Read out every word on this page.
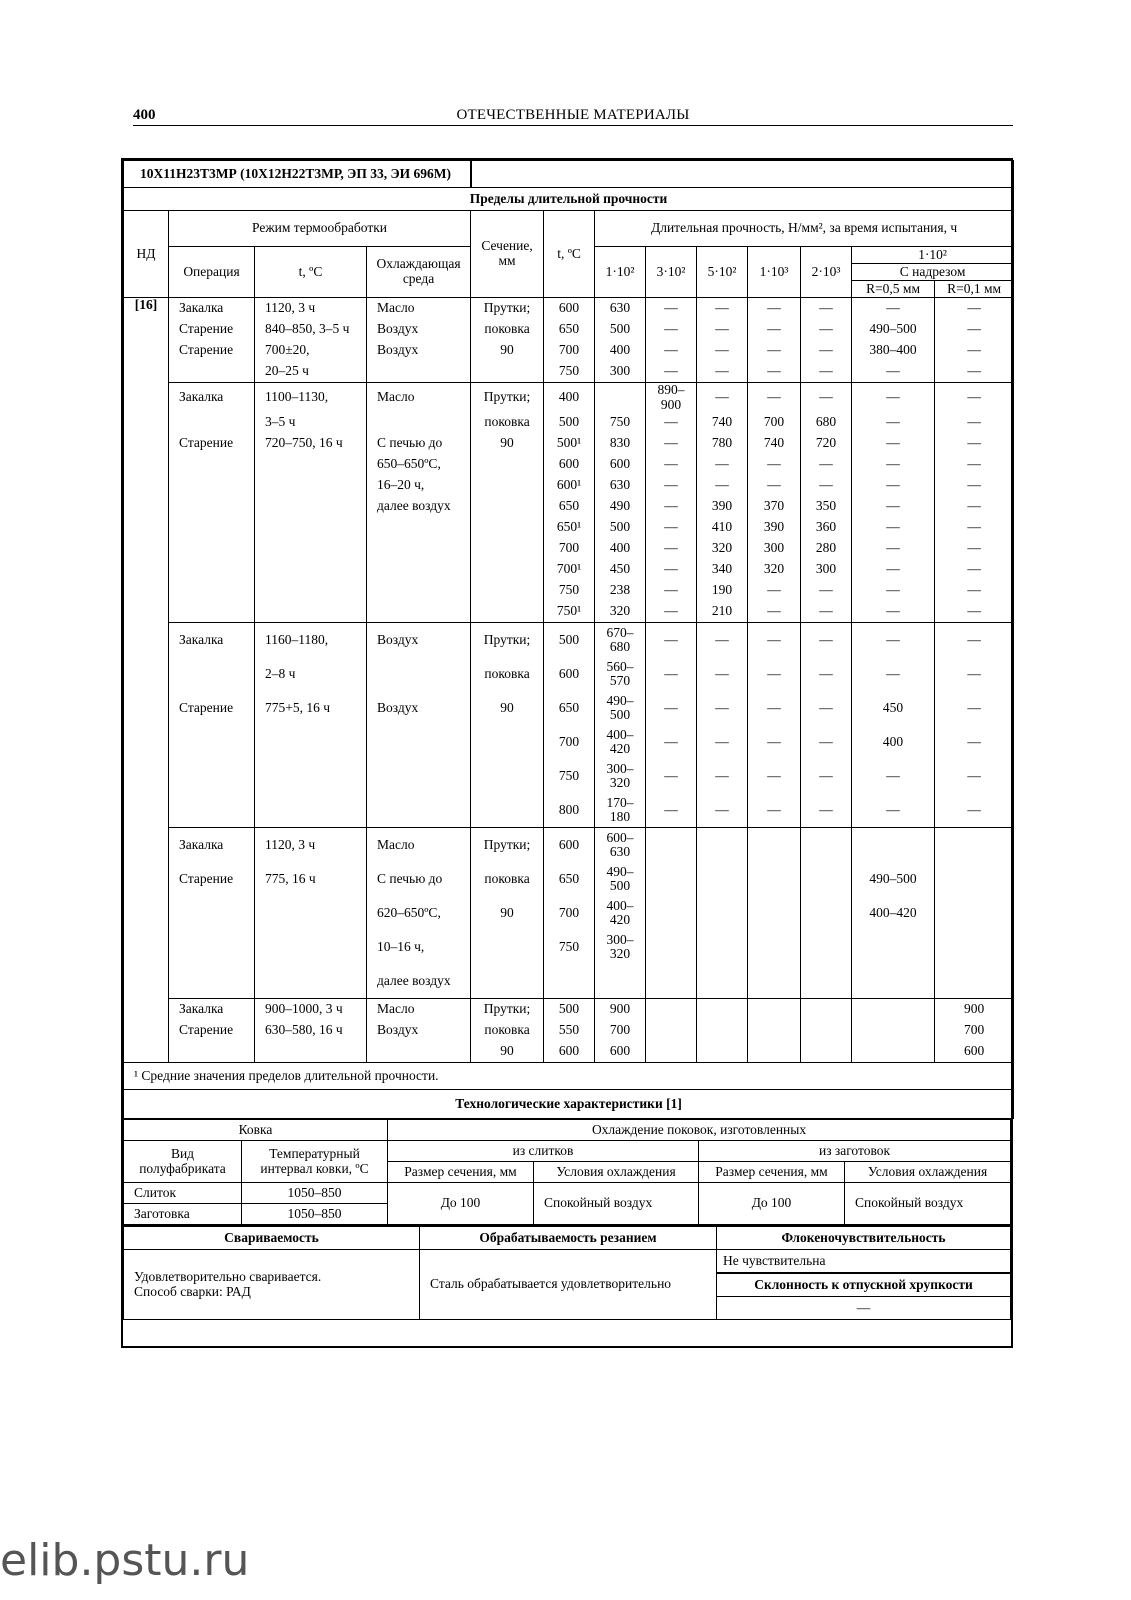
400	ОТЕЧЕСТВЕННЫЕ МАТЕРИАЛЫ
10Х11Н23Т3МР (10Х12Н22Т3МР, ЭП 33, ЭИ 696М)												
Пределы длительной прочности												
НД	Режим термообработки			Сечение, мм	t, ºC	Длительная прочность, Н/мм², за время испытания, ч						
	Операция	t, ºC	Охлаждающая среда			1·10²	3·10²	5·10²	1·10³	2·10³	1·10²	
											С надрезом	
											R=0,5 мм	R=0,1 мм
[16]	Закалка	1120, 3 ч	Масло	Прутки;	600	630	—	—	—	—	—	—
	Старение	840–850, 3–5 ч	Воздух	поковка	650	500	—	—	—	—	490–500	—
	Старение	700±20,	Воздух	90	700	400	—	—	—	—	380–400	—
		20–25 ч			750	300	—	—	—	—	—	—
	Закалка	1100–1130,	Масло	Прутки;	400		890–900	—	—	—	—	—
		3–5 ч		поковка	500	750	—	740	700	680	—	—
	Старение	720–750, 16 ч	С печью до	90	500¹	830	—	780	740	720	—	—
			650–650ºC,		600	600	—	—	—	—	—	—
			16–20 ч,		600¹	630	—	—	—	—	—	—
			далее воздух		650	490	—	390	370	350	—	—
					650¹	500	—	410	390	360	—	—
					700	400	—	320	300	280	—	—
					700¹	450	—	340	320	300	—	—
					750	238	—	190	—	—	—	—
					750¹	320	—	210	—	—	—	—
	Закалка	1160–1180,	Воздух	Прутки;	500	670–680	—	—	—	—	—	—
		2–8 ч		поковка	600	560–570	—	—	—	—	—	—
	Старение	775+5, 16 ч	Воздух	90	650	490–500	—	—	—	—	450	—
					700	400–420	—	—	—	—	400	—
					750	300–320	—	—	—	—	—	—
					800	170–180	—	—	—	—	—	—
	Закалка	1120, 3 ч	Масло	Прутки;	600	600–630						
	Старение	775, 16 ч	С печью до	поковка	650	490–500					490–500	
			620–650ºC,	90	700	400–420					400–420	
			10–16 ч,		750	300–320						
			далее воздух									
	Закалка	900–1000, 3 ч	Масло	Прутки;	500	900						900
	Старение	630–580, 16 ч	Воздух	поковка	550	700						700
				90	600	600						600
¹ Средние значения пределов длительной прочности.												
Технологические характеристики [1]												
Ковка		Охлаждение поковок, изготовленных			
Вид полуфабриката	Температурный интервал ковки, ºC	из слитков		из заготовок	
		Размер сечения, мм	Условия охлаждения	Размер сечения, мм	Условия охлаждения
Слиток	1050–850	До 100	Спокойный воздух	До 100	Спокойный воздух
Заготовка	1050–850				
Свариваемость	Обрабатываемость резанием	Флокеночувствительность

Удовлетворительно сваривается.
Способ сварки: РАД	Сталь обрабатывается удовлетворительно	Не чувствительна
		Склонность к отпускной хрупкости
		—
elib.pstu.ru
